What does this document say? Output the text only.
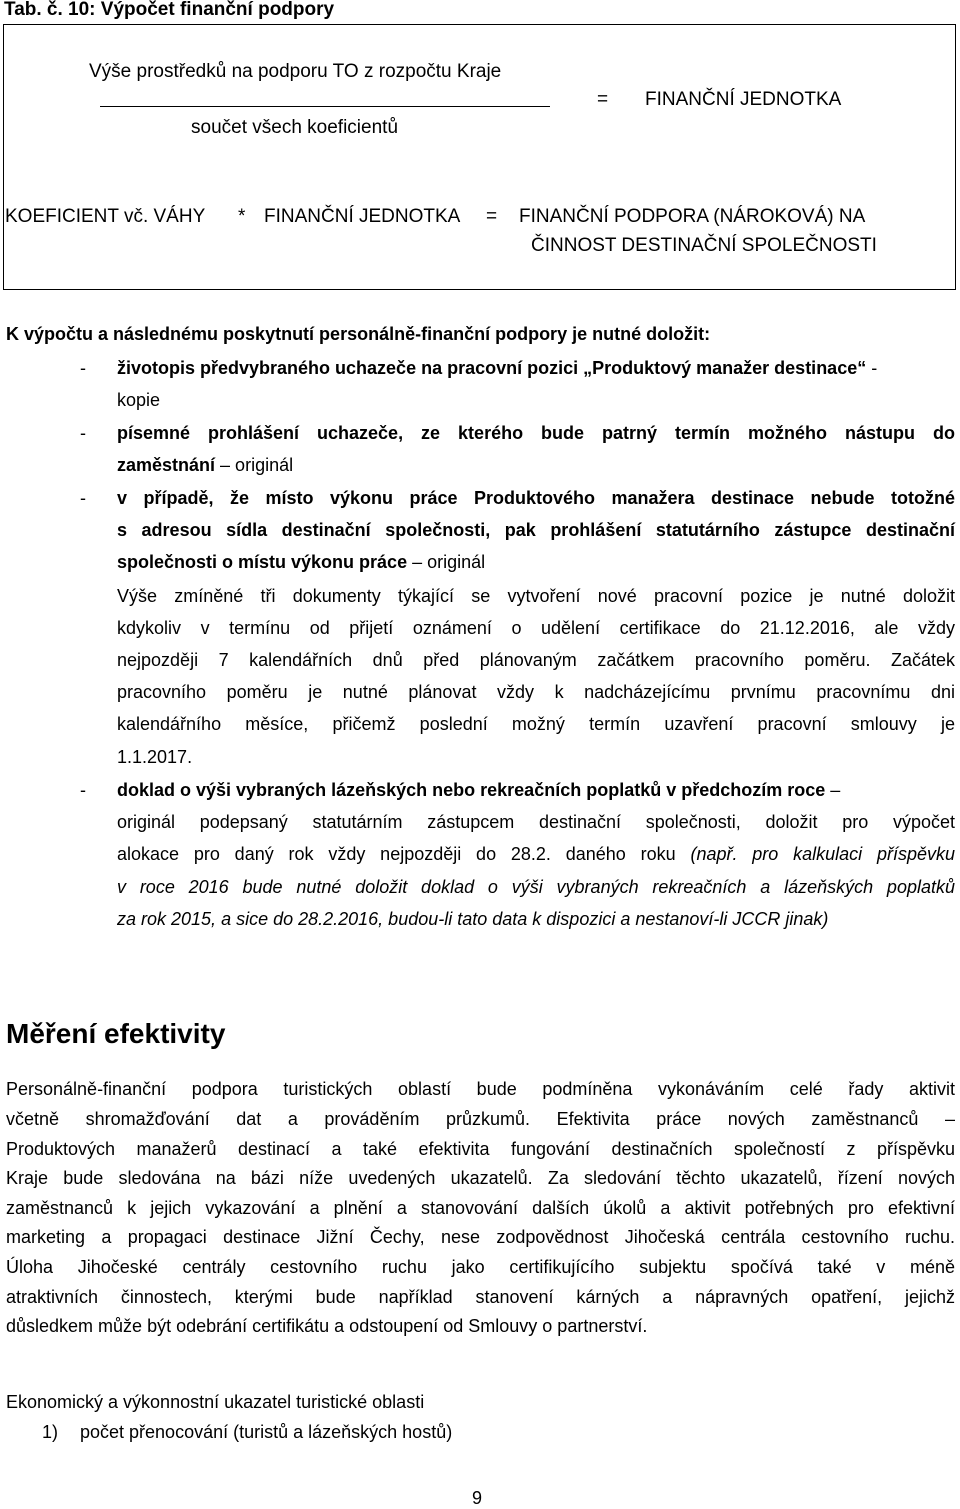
Tab. č. 10: Výpočet finanční podpory
Výše prostředků na podporu TO z rozpočtu Kraje
součet všech koeficientů
= FINANČNÍ JEDNOTKA
KOEFICIENT vč. VÁHY * FINANČNÍ JEDNOTKA = FINANČNÍ PODPORA (NÁROKOVÁ) NA
ČINNOST DESTINAČNÍ SPOLEČNOSTI
K výpočtu a následnému poskytnutí personálně-finanční podpory je nutné doložit:
- životopis předvybraného uchazeče na pracovní pozici „Produktový manažer destinace“ -
kopie
- písemné prohlášení uchazeče, ze kterého bude patrný termín možného nástupu do
zaměstnání – originál
- v případě, že místo výkonu práce Produktového manažera destinace nebude totožné
s adresou sídla destinační společnosti, pak prohlášení statutárního zástupce destinační
společnosti o místu výkonu práce – originál
Výše zmíněné tři dokumenty týkající se vytvoření nové pracovní pozice je nutné doložit
kdykoliv v termínu od přijetí oznámení o udělení certifikace do 21.12.2016, ale vždy
nejpozději 7 kalendářních dnů před plánovaným začátkem pracovního poměru. Začátek
pracovního poměru je nutné plánovat vždy k nadcházejícímu prvnímu pracovnímu dni
kalendářního měsíce, přičemž poslední možný termín uzavření pracovní smlouvy je
1.1.2017.
- doklad o výši vybraných lázeňských nebo rekreačních poplatků v předchozím roce –
originál podepsaný statutárním zástupcem destinační společnosti, doložit pro výpočet
alokace pro daný rok vždy nejpozději do 28.2. daného roku (např. pro kalkulaci příspěvku
v roce 2016 bude nutné doložit doklad o výši vybraných rekreačních a lázeňských poplatků
za rok 2015, a sice do 28.2.2016, budou-li tato data k dispozici a nestanoví-li JCCR jinak)
Měření efektivity
Personálně-finanční podpora turistických oblastí bude podmíněna vykonáváním celé řady aktivit
včetně shromažďování dat a prováděním průzkumů. Efektivita práce nových zaměstnanců –
Produktových manažerů destinací a také efektivita fungování destinačních společností z příspěvku
Kraje bude sledována na bázi níže uvedených ukazatelů. Za sledování těchto ukazatelů, řízení nových
zaměstnanců k jejich vykazování a plnění a stanovování dalších úkolů a aktivit potřebných pro efektivní
marketing a propagaci destinace Jižní Čechy, nese zodpovědnost Jihočeská centrála cestovního ruchu.
Úloha Jihočeské centrály cestovního ruchu jako certifikujícího subjektu spočívá také v méně
atraktivních činnostech, kterými bude například stanovení kárných a nápravných opatření, jejichž
důsledkem může být odebrání certifikátu a odstoupení od Smlouvy o partnerství.
Ekonomický a výkonnostní ukazatel turistické oblasti
1) počet přenocování (turistů a lázeňských hostů)
9
